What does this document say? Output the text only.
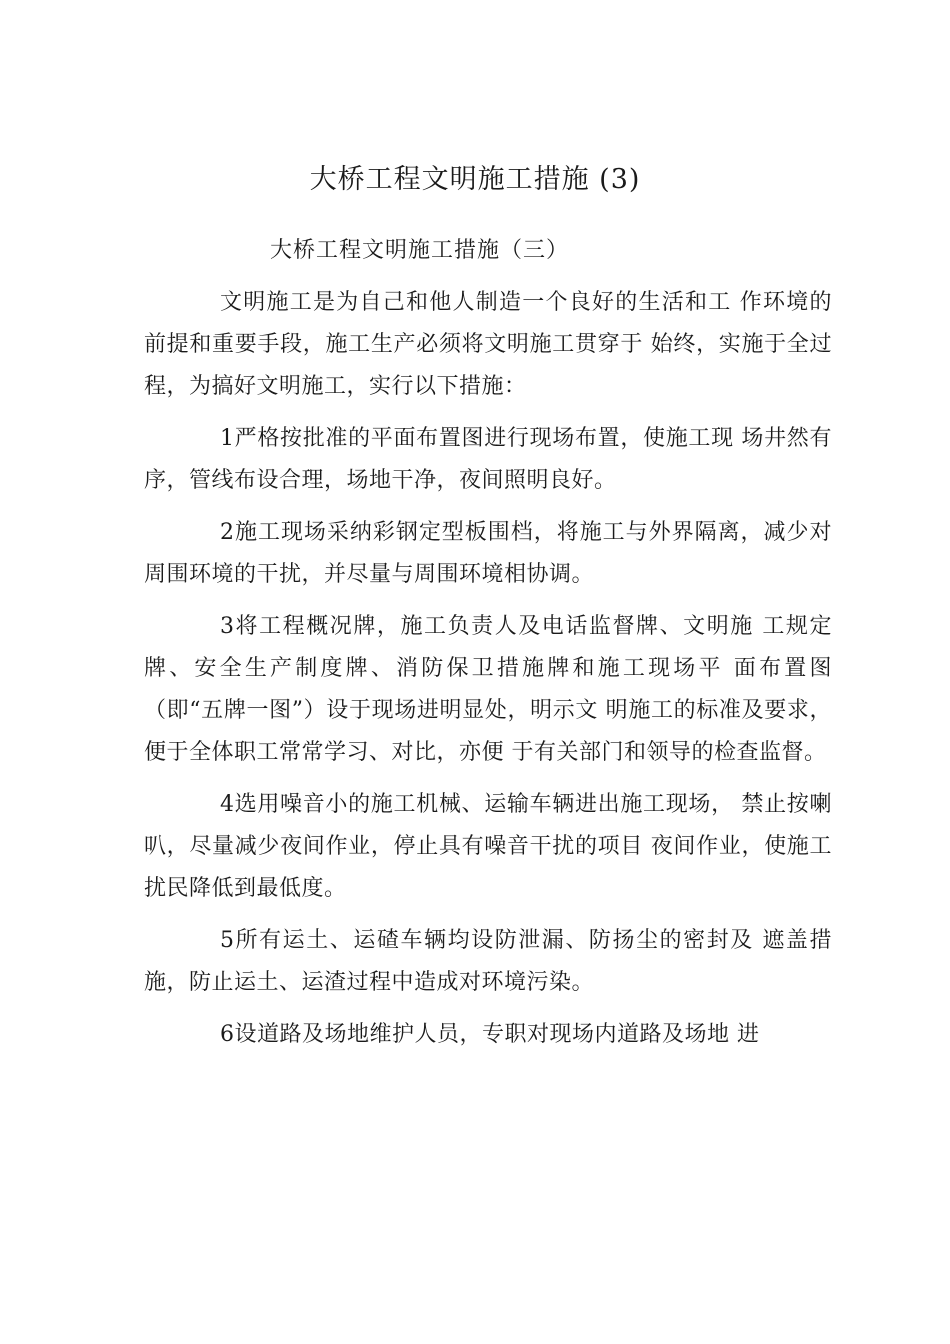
大桥工程文明施工措施 (3)

大桥工程文明施工措施（三）

文明施工是为自己和他人制造一个良好的生活和工 作环境的前提和重要手段，施工生产必须将文明施工贯穿于 始终，实施于全过程，为搞好文明施工，实行以下措施：

1严格按批准的平面布置图进行现场布置，使施工现 场井然有序，管线布设合理，场地干净，夜间照明良好。

2施工现场采纳彩钢定型板围档，将施工与外界隔离，减少对周围环境的干扰，并尽量与周围环境相协调。

3将工程概况牌，施工负责人及电话监督牌、文明施 工规定牌、安全生产制度牌、消防保卫措施牌和施工现场平 面布置图（即“五牌一图”）设于现场进明显处，明示文 明施工的标准及要求，便于全体职工常常学习、对比，亦便 于有关部门和领导的检查监督。

4选用噪音小的施工机械、运输车辆进出施工现场， 禁止按喇叭，尽量减少夜间作业，停止具有噪音干扰的项目 夜间作业，使施工扰民降低到最低度。

5所有运土、运碴车辆均设防泄漏、防扬尘的密封及 遮盖措施，防止运土、运渣过程中造成对环境污染。

6设道路及场地维护人员，专职对现场内道路及场地 进
